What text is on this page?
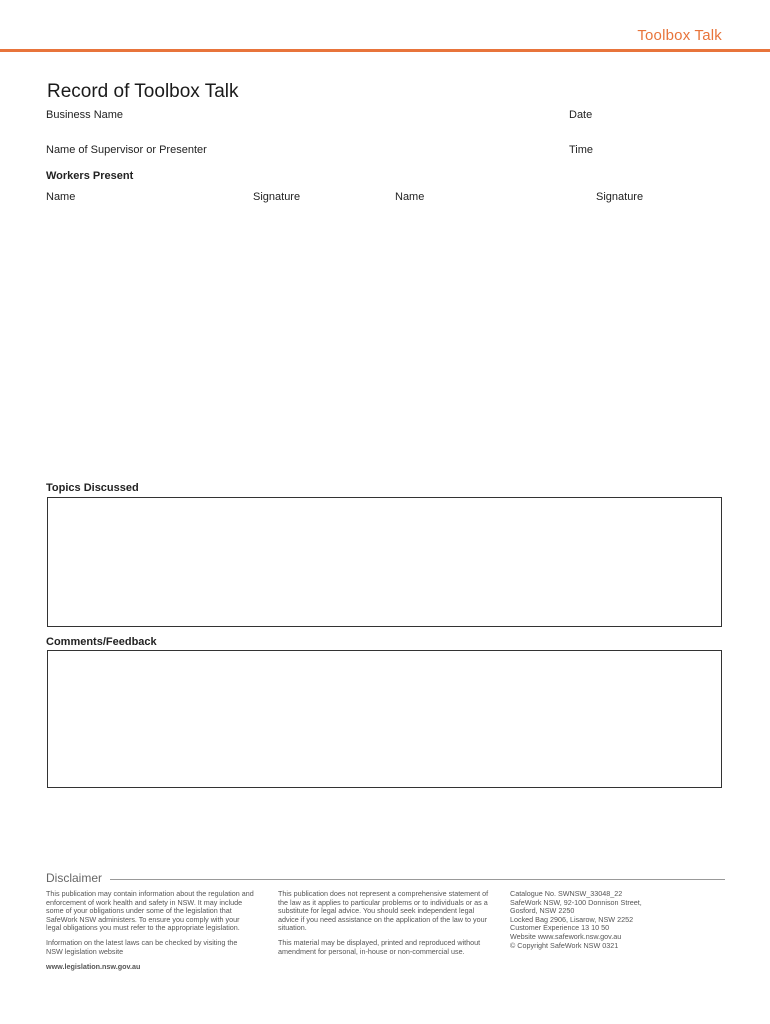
Toolbox Talk
Record of Toolbox Talk
Business Name	Date
Name of Supervisor or Presenter	Time
Workers Present
Name	Signature	Name	Signature
Topics Discussed
Comments/Feedback
Disclaimer

This publication may contain information about the regulation and enforcement of work health and safety in NSW. It may include some of your obligations under some of the legislation that SafeWork NSW administers. To ensure you comply with your legal obligations you must refer to the appropriate legislation.

Information on the latest laws can be checked by visiting the NSW legislation website

www.legislation.nsw.gov.au

This publication does not represent a comprehensive statement of the law as it applies to particular problems or to individuals or as a substitute for legal advice. You should seek independent legal advice if you need assistance on the application of the law to your situation.

This material may be displayed, printed and reproduced without amendment for personal, in-house or non-commercial use.

Catalogue No. SWNSW_33048_22

SafeWork NSW, 92-100 Donnison Street,

Gosford, NSW 2250

Locked Bag 2906, Lisarow, NSW 2252

Customer Experience 13 10 50

Website www.safework.nsw.gov.au

© Copyright SafeWork NSW 0321
